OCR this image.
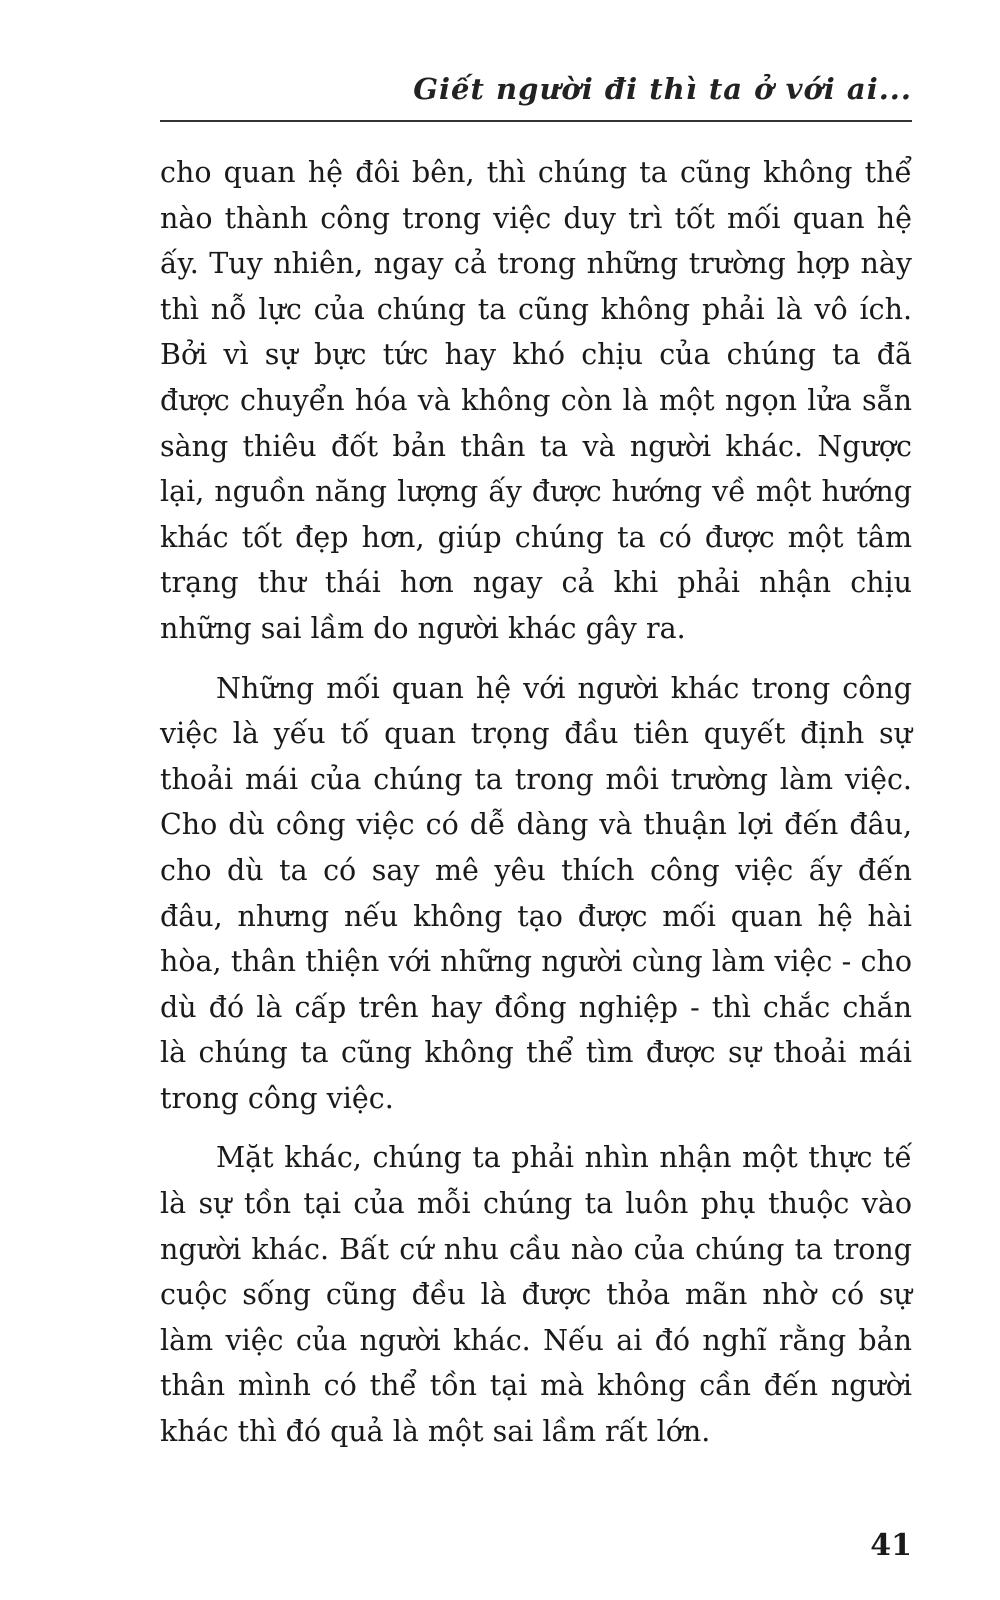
Giết người đi thì ta ở với ai...

cho quan hệ đôi bên, thì chúng ta cũng không thể nào thành công trong việc duy trì tốt mối quan hệ ấy. Tuy nhiên, ngay cả trong những trường hợp này thì nỗ lực của chúng ta cũng không phải là vô ích. Bởi vì sự bực tức hay khó chịu của chúng ta đã được chuyển hóa và không còn là một ngọn lửa sẵn sàng thiêu đốt bản thân ta và người khác. Ngược lại, nguồn năng lượng ấy được hướng về một hướng khác tốt đẹp hơn, giúp chúng ta có được một tâm trạng thư thái hơn ngay cả khi phải nhận chịu những sai lầm do người khác gây ra.

Những mối quan hệ với người khác trong công việc là yếu tố quan trọng đầu tiên quyết định sự thoải mái của chúng ta trong môi trường làm việc. Cho dù công việc có dễ dàng và thuận lợi đến đâu, cho dù ta có say mê yêu thích công việc ấy đến đâu, nhưng nếu không tạo được mối quan hệ hài hòa, thân thiện với những người cùng làm việc - cho dù đó là cấp trên hay đồng nghiệp - thì chắc chắn là chúng ta cũng không thể tìm được sự thoải mái trong công việc.

Mặt khác, chúng ta phải nhìn nhận một thực tế là sự tồn tại của mỗi chúng ta luôn phụ thuộc vào người khác. Bất cứ nhu cầu nào của chúng ta trong cuộc sống cũng đều là được thỏa mãn nhờ có sự làm việc của người khác. Nếu ai đó nghĩ rằng bản thân mình có thể tồn tại mà không cần đến người khác thì đó quả là một sai lầm rất lớn.

41
